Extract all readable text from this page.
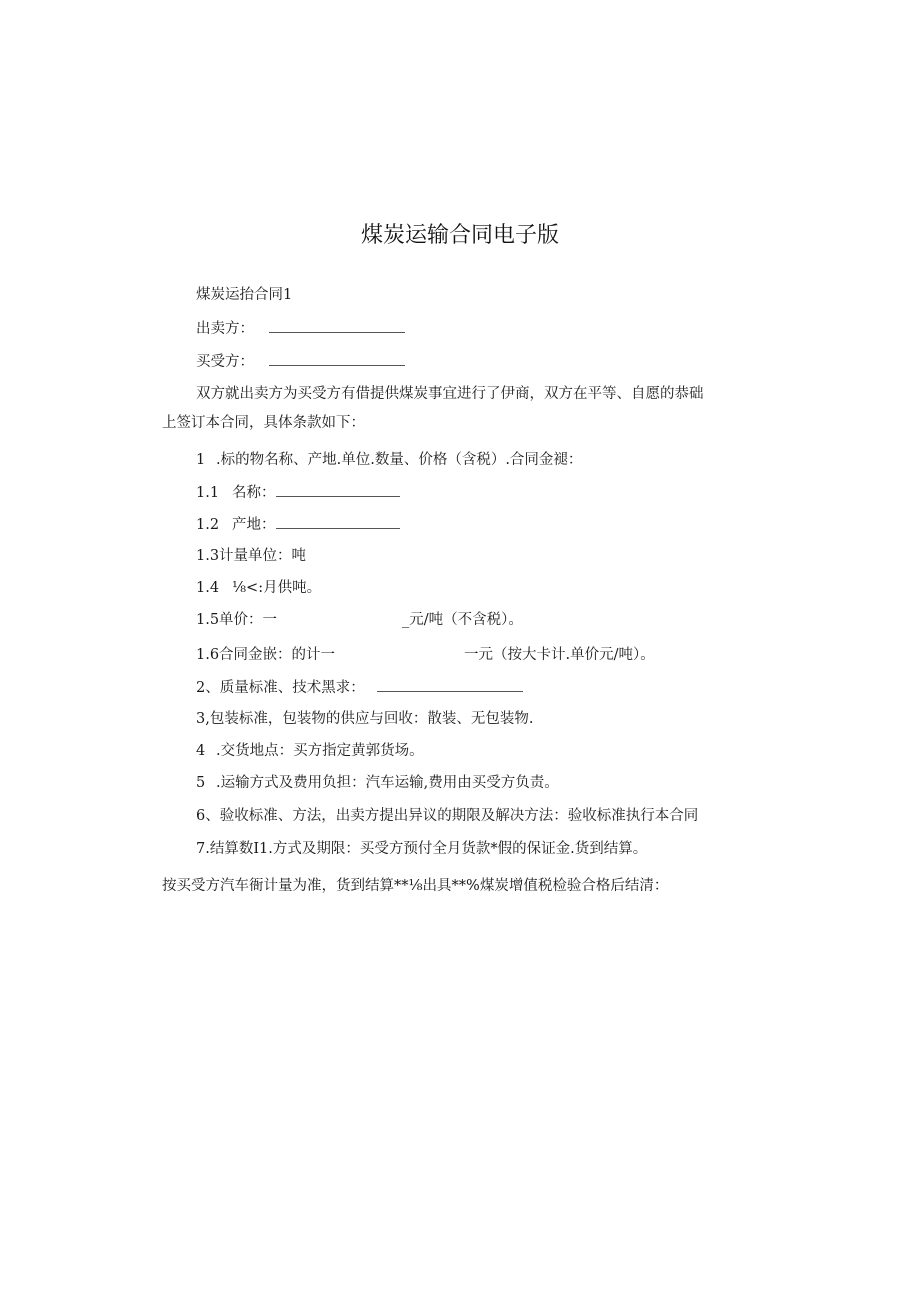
煤炭运输合同电子版
煤炭运抬合同1
出卖方：
买受方：
双方就出卖方为买受方有借提供煤炭事宜进行了伊商，双方在平等、自愿的恭础
上签订本合同，具体条款如下：
1 .标的物名称、产地.单位.数量、价格（含税）.合同金褪：
1.1 名称：
1.2 产地：
1.3计量单位：吨
1.4 ⅛<:月供吨。
1.5单价：一	_元/吨（不含税）。
1.6合同金嵌：的计一	一元（按大卡计.单价元/吨）。
2、质量标准、技术黑求：
3,包装标准，包装物的供应与回收：散装、无包装物.
4 .交货地点：买方指定黄郭货场。
5 .运输方式及费用负担：汽车运输,费用由买受方负责。
6、验收标准、方法，出卖方提出异议的期限及解决方法：验收标准执行本合同
7.结算数I1.方式及期限：买受方预付全月货款*假的保证金.货到结算。
按买受方汽车衙计量为准，货到结算**⅛出具**%煤炭增值税检验合格后结清：
